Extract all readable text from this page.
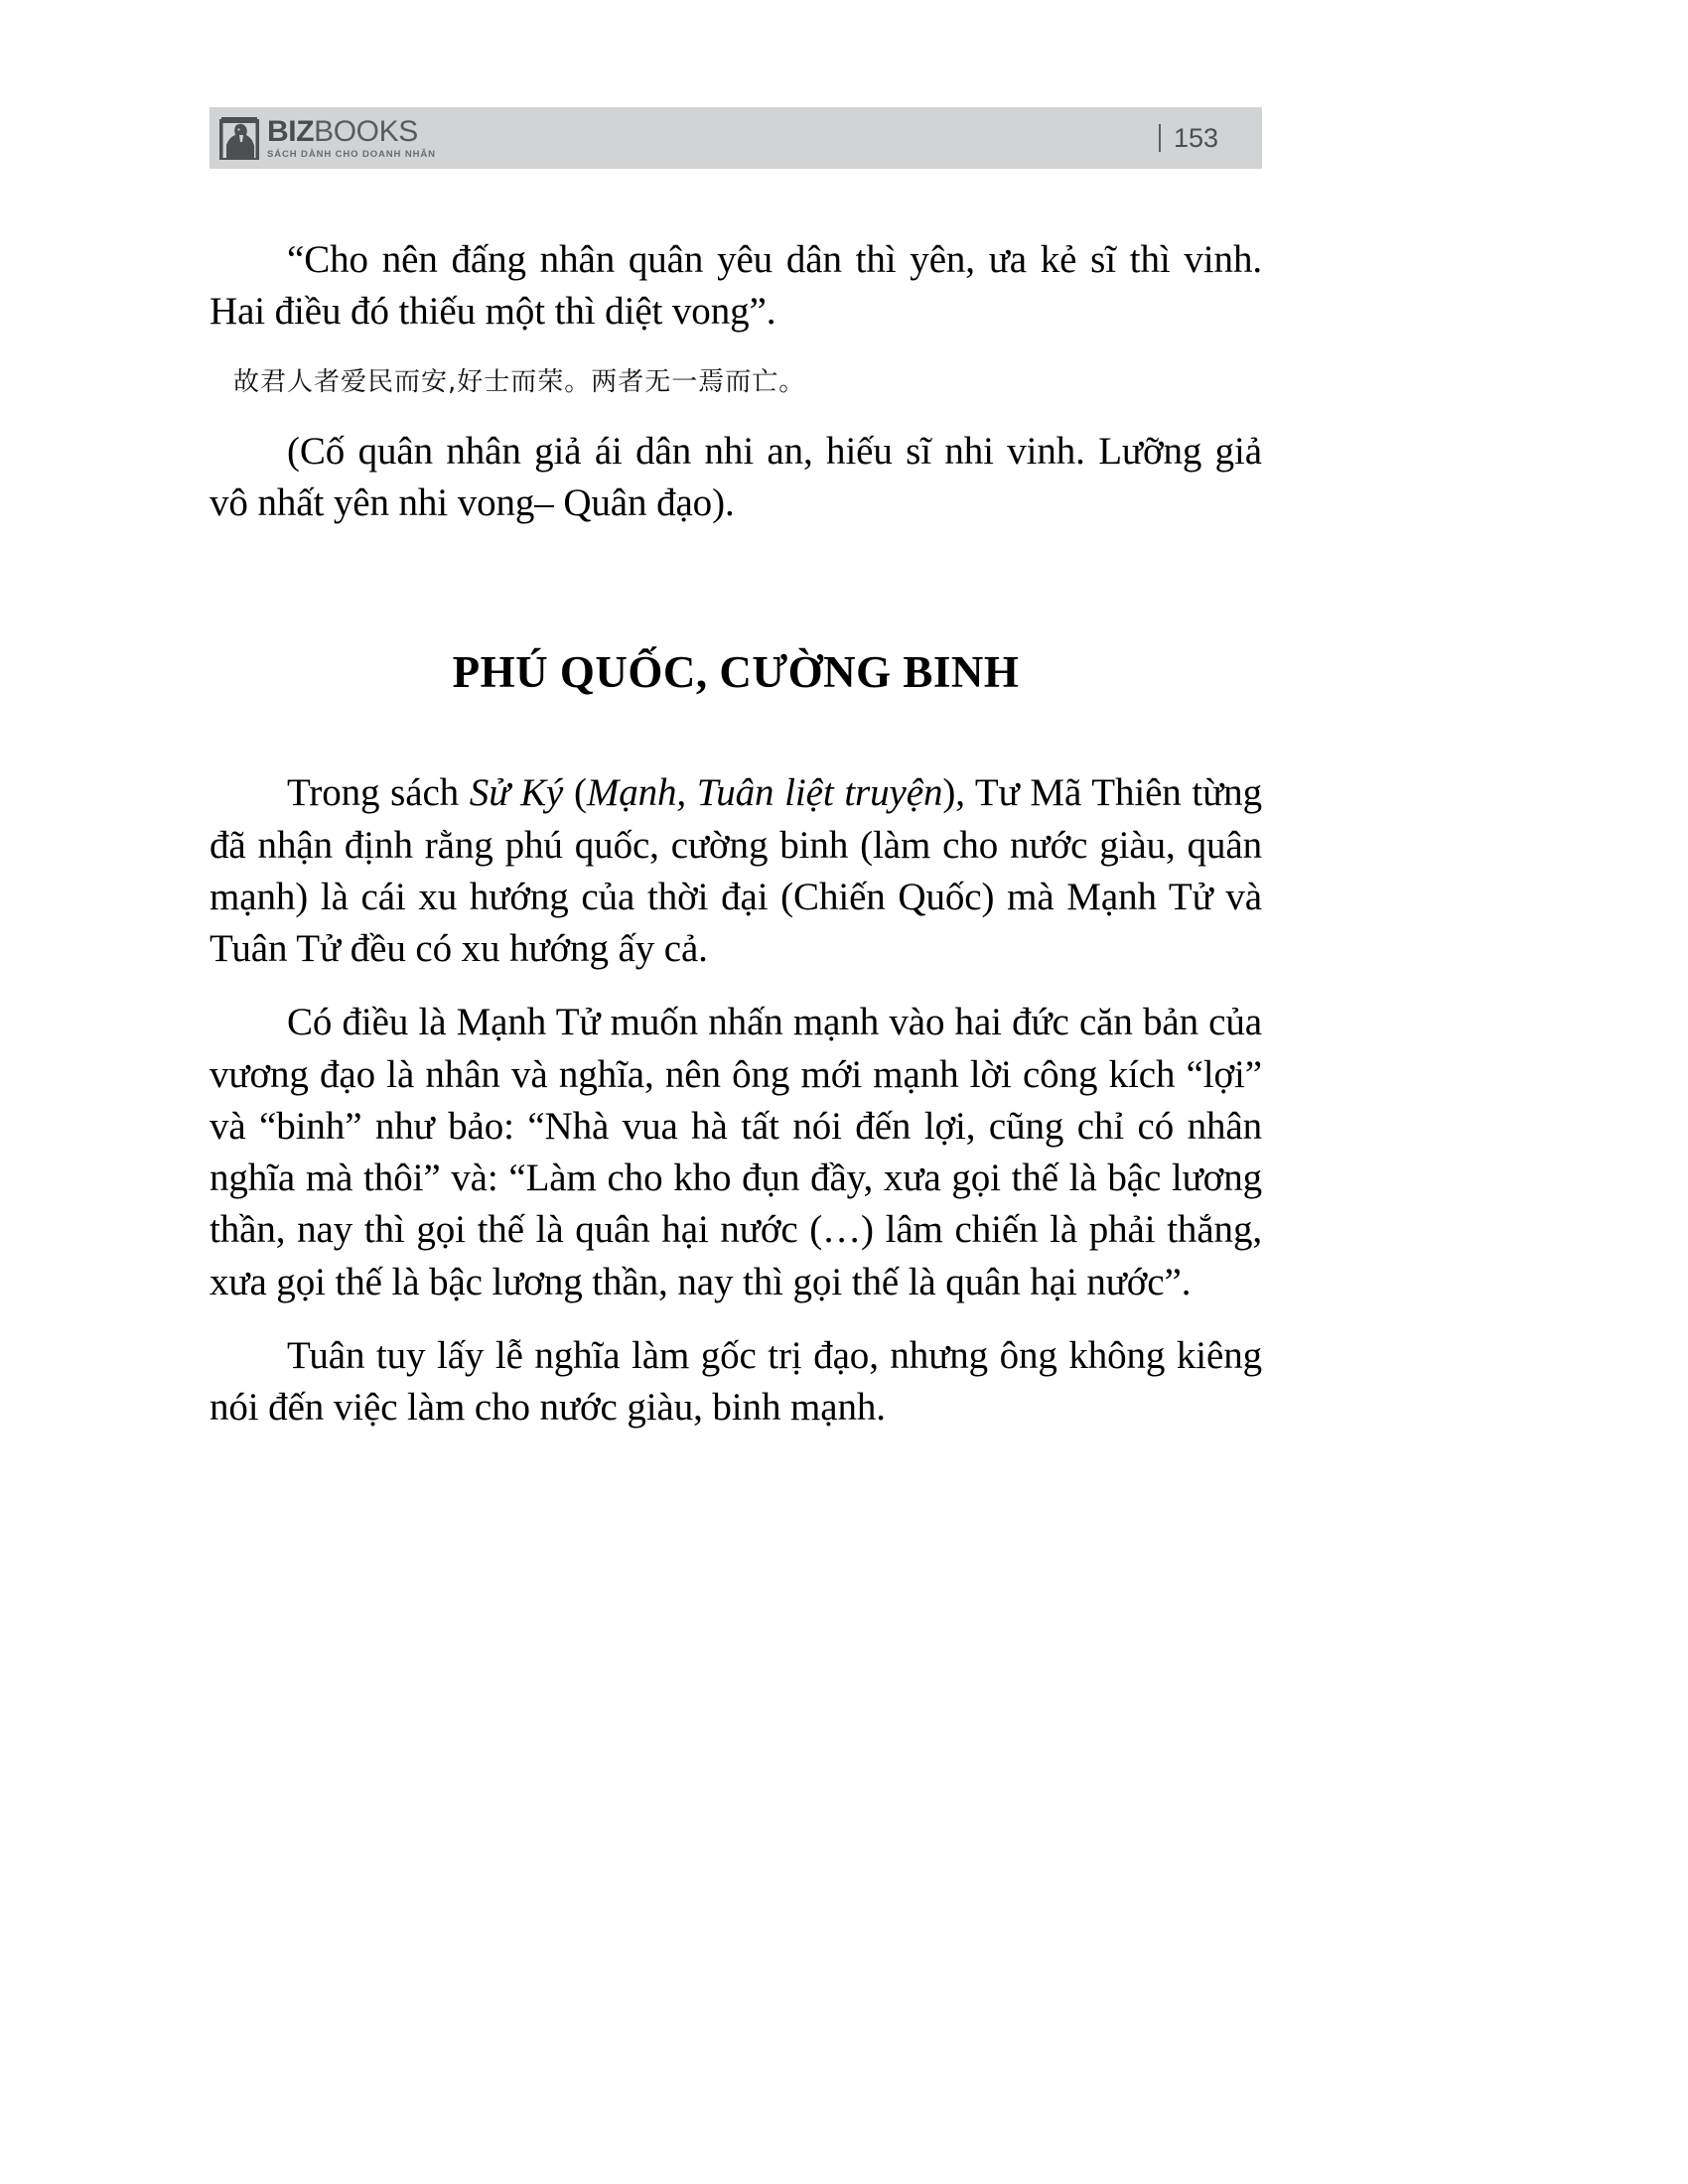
BIZBOOKS
SÁCH DÀNH CHO DOANH NHÂN
153

“Cho nên đấng nhân quân yêu dân thì yên, ưa kẻ sĩ thì vinh. Hai điều đó thiếu một thì diệt vong”.

故君人者爱民而安,好士而荣。两者无一焉而亡。

(Cố quân nhân giả ái dân nhi an, hiếu sĩ nhi vinh. Lưỡng giả vô nhất yên nhi vong– Quân đạo).

PHÚ QUỐC, CƯỜNG BINH

Trong sách Sử Ký (Mạnh, Tuân liệt truyện), Tư Mã Thiên từng đã nhận định rằng phú quốc, cường binh (làm cho nước giàu, quân mạnh) là cái xu hướng của thời đại (Chiến Quốc) mà Mạnh Tử và Tuân Tử đều có xu hướng ấy cả.

Có điều là Mạnh Tử muốn nhấn mạnh vào hai đức căn bản của vương đạo là nhân và nghĩa, nên ông mới mạnh lời công kích “lợi” và “binh” như bảo: “Nhà vua hà tất nói đến lợi, cũng chỉ có nhân nghĩa mà thôi” và: “Làm cho kho đụn đầy, xưa gọi thế là bậc lương thần, nay thì gọi thế là quân hại nước (…) lâm chiến là phải thắng, xưa gọi thế là bậc lương thần, nay thì gọi thế là quân hại nước”.

Tuân tuy lấy lễ nghĩa làm gốc trị đạo, nhưng ông không kiêng nói đến việc làm cho nước giàu, binh mạnh.
